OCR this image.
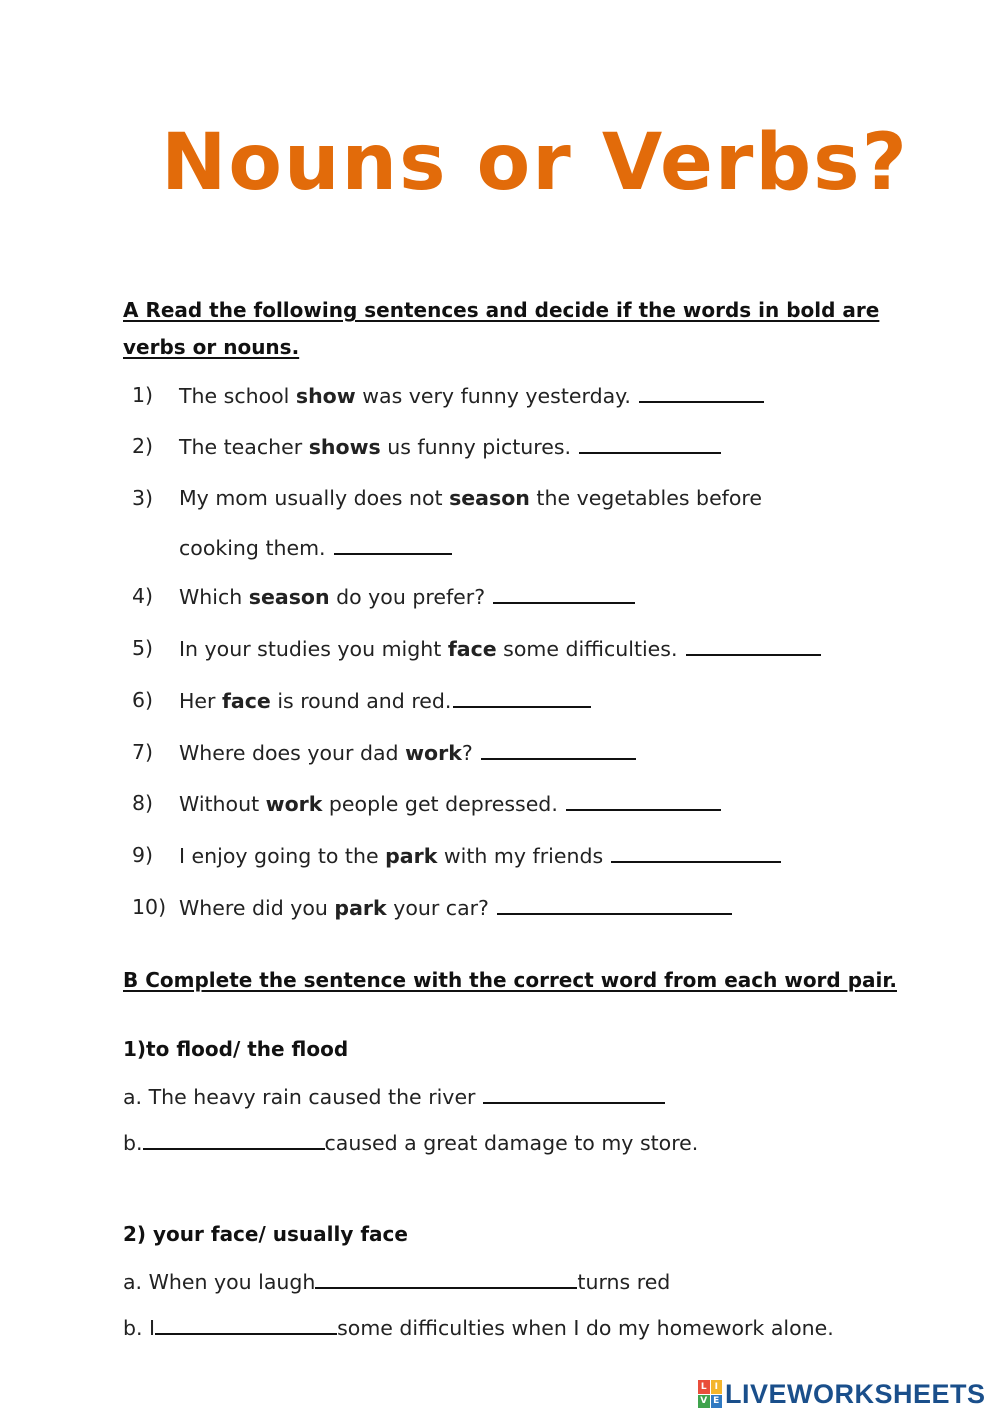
Nouns or Verbs?
A Read the following sentences and decide if the words in bold are
verbs or nouns.
1) The school show was very funny yesterday.
2) The teacher shows us funny pictures.
3) My mom usually does not season the vegetables before
cooking them.
4) Which season do you prefer?
5) In your studies you might face some difficulties.
6) Her face is round and red.
7) Where does your dad work?
8) Without work people get depressed.
9) I enjoy going to the park with my friends
10) Where did you park your car?
B Complete the sentence with the correct word from each word pair.
1)to flood/ the flood
a. The heavy rain caused the river
b.	caused a great damage to my store.
2) your face/ usually face
a. When you laugh	turns red
b. I	some difficulties when I do my homework alone.
L I
V E LIVEWORKSHEETS
